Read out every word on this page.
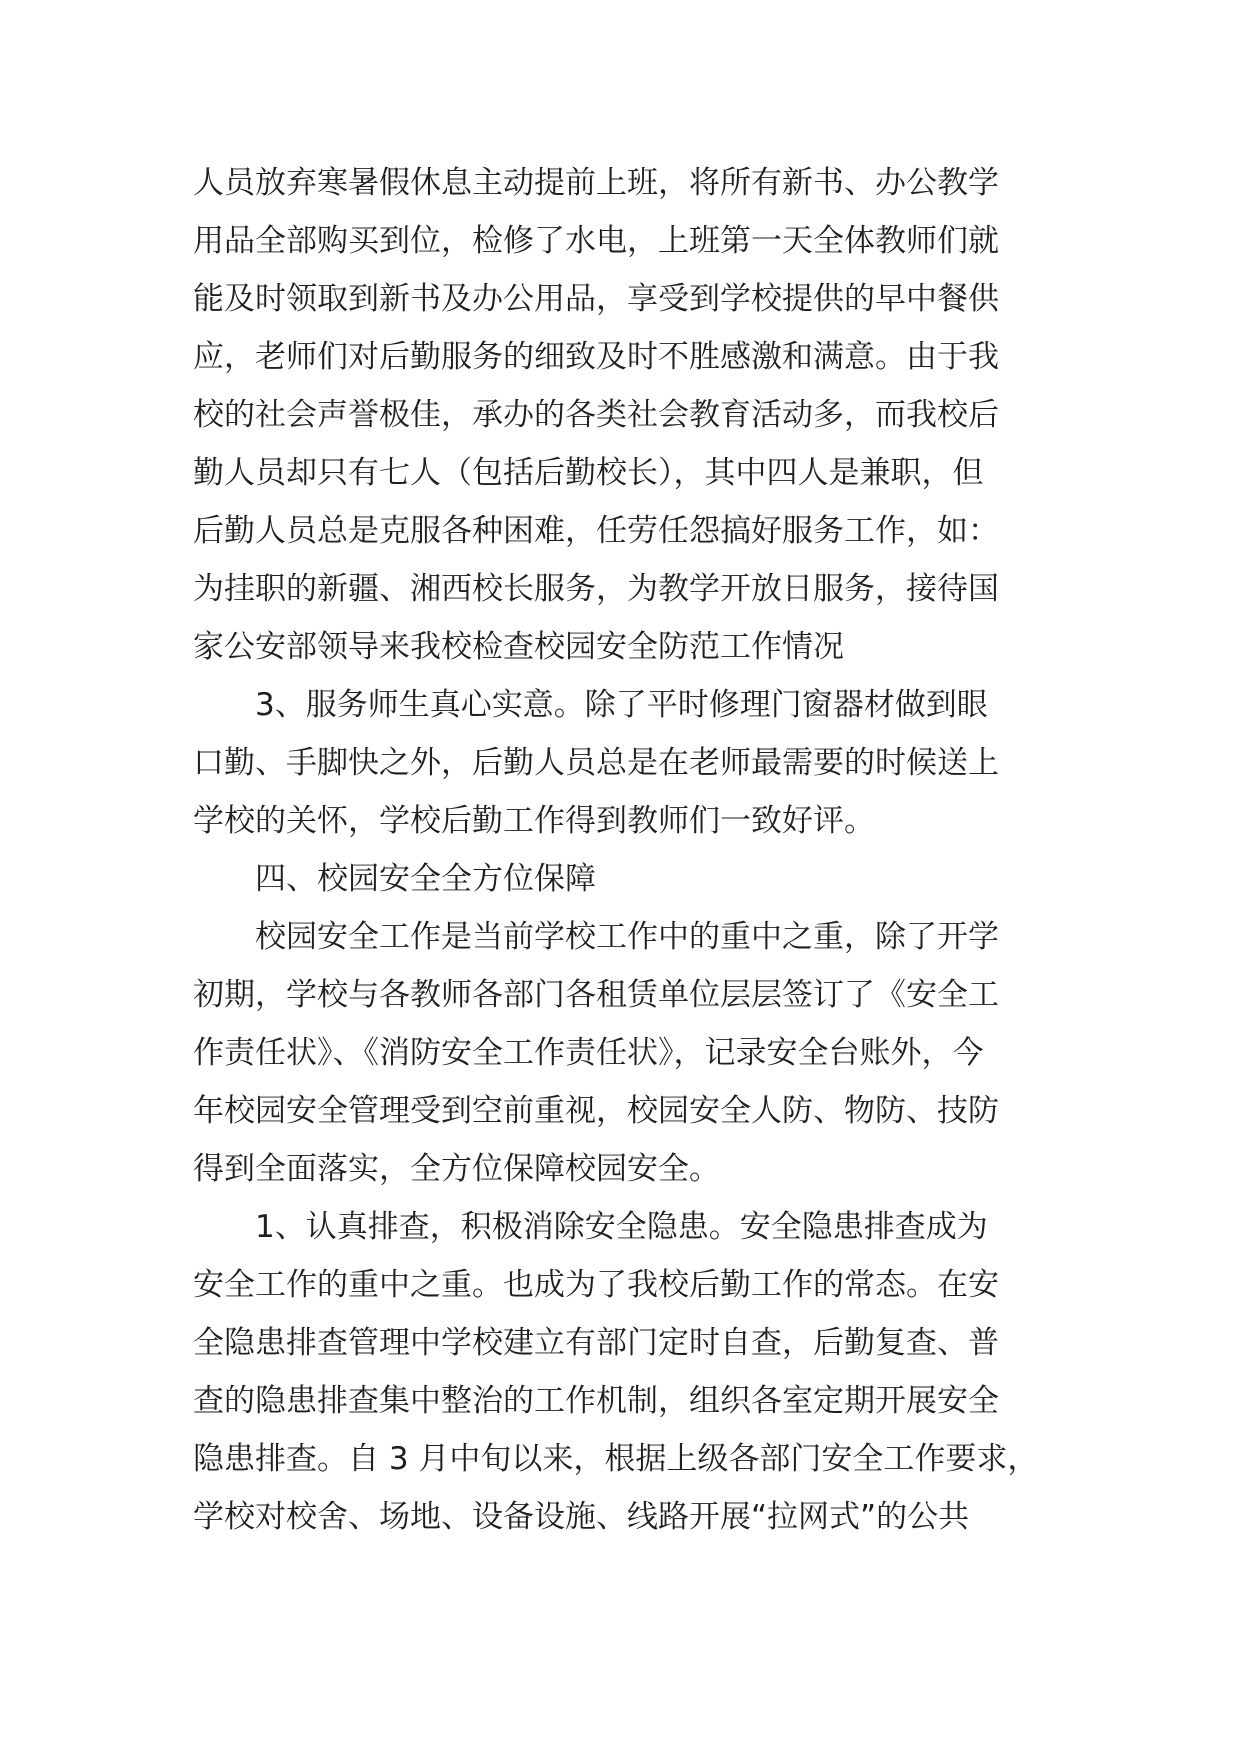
人员放弃寒暑假休息主动提前上班，将所有新书、办公教学
用品全部购买到位，检修了水电，上班第一天全体教师们就
能及时领取到新书及办公用品，享受到学校提供的早中餐供
应，老师们对后勤服务的细致及时不胜感激和满意。由于我
校的社会声誉极佳，承办的各类社会教育活动多，而我校后
勤人员却只有七人（包括后勤校长），其中四人是兼职，但
后勤人员总是克服各种困难，任劳任怨搞好服务工作，如：
为挂职的新疆、湘西校长服务，为教学开放日服务，接待国
家公安部领导来我校检查校园安全防范工作情况
3、服务师生真心实意。除了平时修理门窗器材做到眼
口勤、手脚快之外，后勤人员总是在老师最需要的时候送上
学校的关怀，学校后勤工作得到教师们一致好评。
四、校园安全全方位保障
校园安全工作是当前学校工作中的重中之重，除了开学
初期，学校与各教师各部门各租赁单位层层签订了《安全工
作责任状》、《消防安全工作责任状》，记录安全台账外，今
年校园安全管理受到空前重视，校园安全人防、物防、技防
得到全面落实，全方位保障校园安全。
1、认真排查，积极消除安全隐患。安全隐患排查成为
安全工作的重中之重。也成为了我校后勤工作的常态。在安
全隐患排查管理中学校建立有部门定时自查，后勤复查、普
查的隐患排查集中整治的工作机制，组织各室定期开展安全
隐患排查。自 3 月中旬以来，根据上级各部门安全工作要求，
学校对校舍、场地、设备设施、线路开展“拉网式”的公共
